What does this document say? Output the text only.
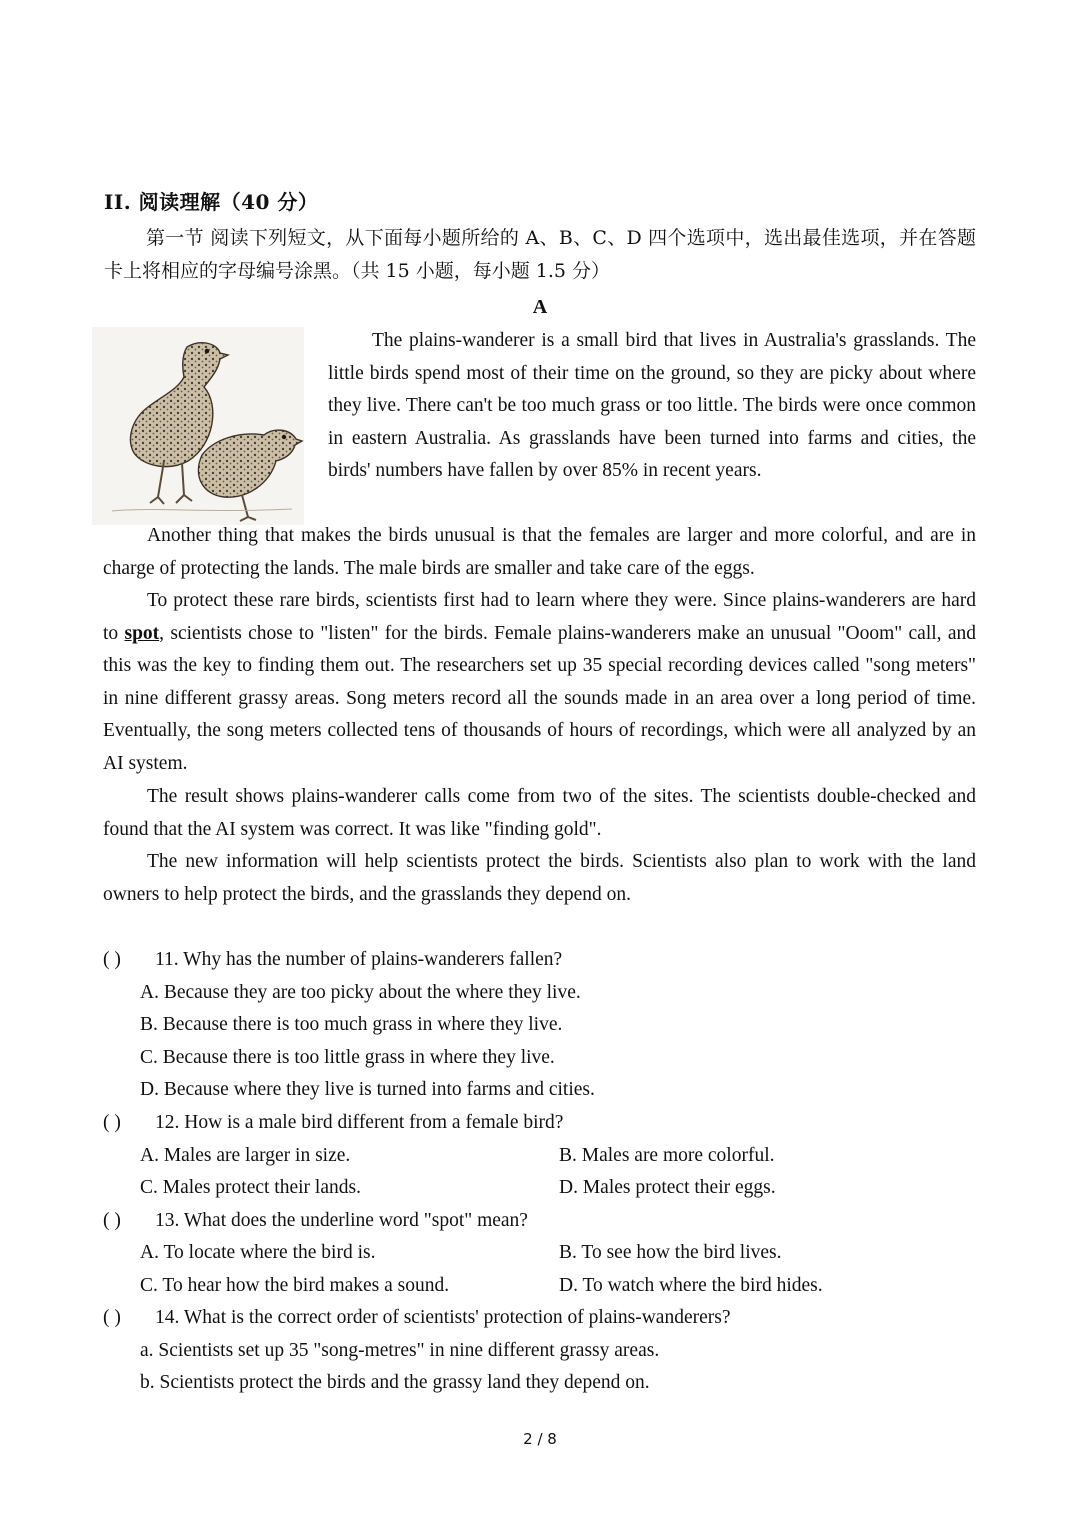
II. 阅读理解（40 分）
第一节 阅读下列短文，从下面每小题所给的 A、B、C、D 四个选项中，选出最佳选项，并在答题卡上将相应的字母编号涂黑。（共 15 小题，每小题 1.5 分）
A

The plains-wanderer is a small bird that lives in Australia's grasslands. The little birds spend most of their time on the ground, so they are picky about where they live. There can't be too much grass or too little. The birds were once common in eastern Australia. As grasslands have been turned into farms and cities, the birds' numbers have fallen by over 85% in recent years.

Another thing that makes the birds unusual is that the females are larger and more colorful, and are in charge of protecting the lands. The male birds are smaller and take care of the eggs.

To protect these rare birds, scientists first had to learn where they were. Since plains-wanderers are hard to spot, scientists chose to "listen" for the birds. Female plains-wanderers make an unusual "Ooom" call, and this was the key to finding them out. The researchers set up 35 special recording devices called "song meters" in nine different grassy areas. Song meters record all the sounds made in an area over a long period of time. Eventually, the song meters collected tens of thousands of hours of recordings, which were all analyzed by an AI system.

The result shows plains-wanderer calls come from two of the sites. The scientists double-checked and found that the AI system was correct. It was like "finding gold".

The new information will help scientists protect the birds. Scientists also plan to work with the land owners to help protect the birds, and the grasslands they depend on.

( ) 11. Why has the number of plains-wanderers fallen?
A. Because they are too picky about the where they live.
B. Because there is too much grass in where they live.
C. Because there is too little grass in where they live.
D. Because where they live is turned into farms and cities.
( ) 12. How is a male bird different from a female bird?
A. Males are larger in size.	B. Males are more colorful.
C. Males protect their lands.	D. Males protect their eggs.
( ) 13. What does the underline word "spot" mean?
A. To locate where the bird is.	B. To see how the bird lives.
C. To hear how the bird makes a sound.	D. To watch where the bird hides.
( ) 14. What is the correct order of scientists' protection of plains-wanderers?
a. Scientists set up 35 "song-metres" in nine different grassy areas.
b. Scientists protect the birds and the grassy land they depend on.
2 / 8
